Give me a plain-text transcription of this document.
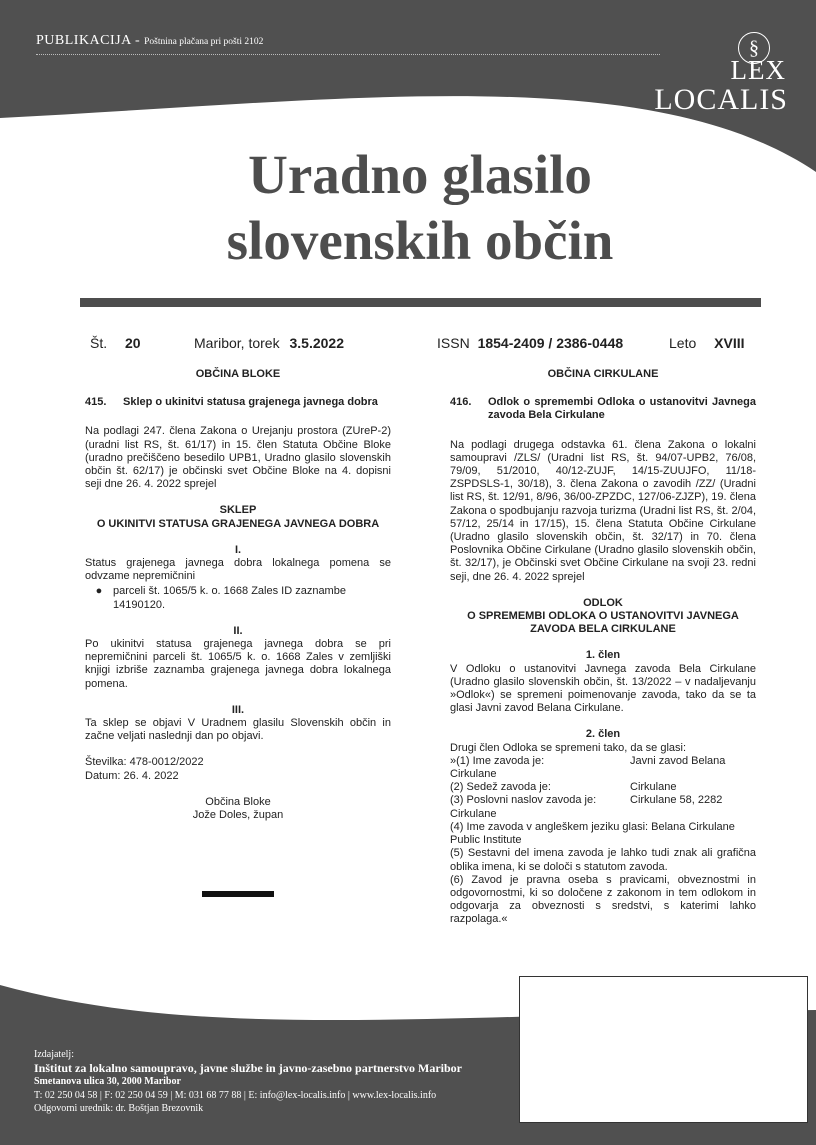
PUBLIKACIJA - Poštnina plačana pri pošti 2102	§
LEX
LOCALIS
Uradno glasilo
slovenskih občin
Št. 20	Maribor, torek 3.5.2022	ISSN 1854-2409 / 2386-0448	Leto XVIII
OBČINA BLOKE
415.	Sklep o ukinitvi statusa grajenega javnega dobra
Na podlagi 247. člena Zakona o Urejanju prostora (ZUreP-2) (uradni list RS, št. 61/17) in 15. člen Statuta Občine Bloke (uradno prečiščeno besedilo UPB1, Uradno glasilo slovenskih občin št. 62/17) je občinski svet Občine Bloke na 4. dopisni seji dne 26. 4. 2022 sprejel
SKLEP
O UKINITVI STATUSA GRAJENEGA JAVNEGA DOBRA
I.
Status grajenega javnega dobra lokalnega pomena se odvzame nepremičnini
● parceli št. 1065/5 k. o. 1668 Zales ID zaznambe 14190120.
II.
Po ukinitvi statusa grajenega javnega dobra se pri nepremičnini parceli št. 1065/5 k. o. 1668 Zales v zemljiški knjigi izbriše zaznamba grajenega javnega dobra lokalnega pomena.
III.
Ta sklep se objavi V Uradnem glasilu Slovenskih občin in začne veljati naslednji dan po objavi.
Številka: 478-0012/2022
Datum: 26. 4. 2022
Občina Bloke
Jože Doles, župan
OBČINA CIRKULANE
416.	Odlok o spremembi Odloka o ustanovitvi Javnega zavoda Bela Cirkulane
Na podlagi drugega odstavka 61. člena Zakona o lokalni samoupravi /ZLS/ (Uradni list RS, št. 94/07-UPB2, 76/08, 79/09, 51/2010, 40/12-ZUJF, 14/15-ZUUJFO, 11/18-ZSPDSLS-1, 30/18), 3. člena Zakona o zavodih /ZZ/ (Uradni list RS, št. 12/91, 8/96, 36/00-ZPZDC, 127/06-ZJZP), 19. člena Zakona o spodbujanju razvoja turizma (Uradni list RS, št. 2/04, 57/12, 25/14 in 17/15), 15. člena Statuta Občine Cirkulane (Uradno glasilo slovenskih občin, št. 32/17) in 70. člena Poslovnika Občine Cirkulane (Uradno glasilo slovenskih občin, št. 32/17), je Občinski svet Občine Cirkulane na svoji 23. redni seji, dne 26. 4. 2022 sprejel
ODLOK
O SPREMEMBI ODLOKA O USTANOVITVI JAVNEGA ZAVODA BELA CIRKULANE
1. člen
V Odloku o ustanovitvi Javnega zavoda Bela Cirkulane (Uradno glasilo slovenskih občin, št. 13/2022 – v nadaljevanju »Odlok«) se spremeni poimenovanje zavoda, tako da se ta glasi Javni zavod Belana Cirkulane.
2. člen
Drugi člen Odloka se spremeni tako, da se glasi:
»(1) Ime zavoda je:	Javni zavod Belana
Cirkulane
(2) Sedež zavoda je:	Cirkulane
(3) Poslovni naslov zavoda je:	Cirkulane 58, 2282
Cirkulane
(4) Ime zavoda v angleškem jeziku glasi: Belana Cirkulane Public Institute
(5) Sestavni del imena zavoda je lahko tudi znak ali grafična oblika imena, ki se določi s statutom zavoda.
(6) Zavod je pravna oseba s pravicami, obveznostmi in odgovornostmi, ki so določene z zakonom in tem odlokom in odgovarja za obveznosti s sredstvi, s katerimi lahko razpolaga.«
Izdajatelj:
Inštitut za lokalno samoupravo, javne službe in javno-zasebno partnerstvo Maribor
Smetanova ulica 30, 2000 Maribor
T: 02 250 04 58 | F: 02 250 04 59 | M: 031 68 77 88 | E: info@lex-localis.info | www.lex-localis.info
Odgovorni urednik: dr. Boštjan Brezovnik
